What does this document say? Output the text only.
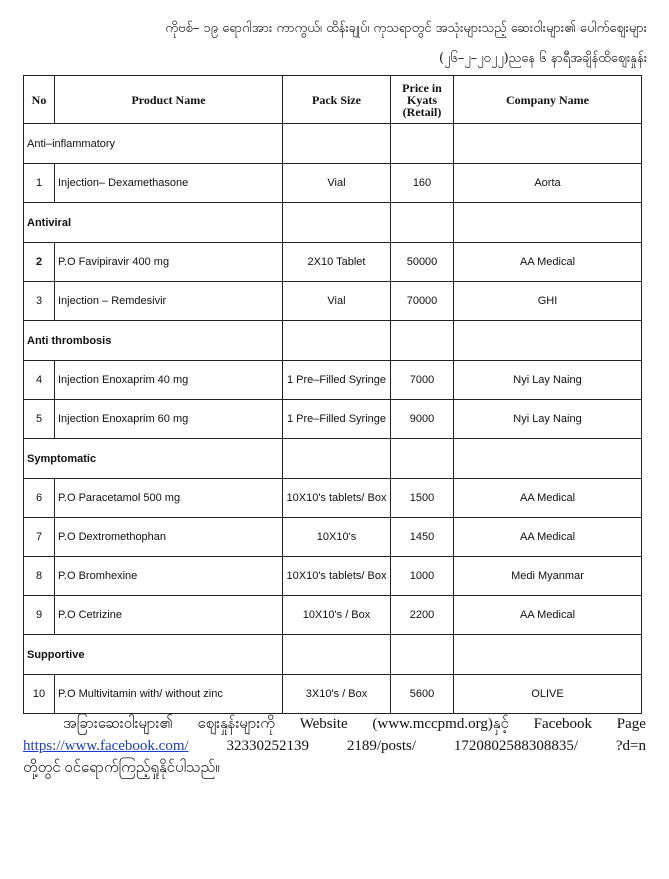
ကိုဗစ်– ၁၉ ရောဂါအား ကာကွယ်၊ ထိန်းချုပ်၊ ကုသရာတွင် အသုံးများသည့် ဆေးဝါးများ၏ ပေါက်ဈေးများ
(၂၆–၂–၂၀၂၂)ညနေ ၆ နာရီအချိန်ထိဈေးနှုန်း
No	Product Name	Pack Size	Price in Kyats (Retail)	Company Name
Anti–inflammatory				
1	Injection– Dexamethasone	Vial	160	Aorta
Antiviral				
2	P.O Favipiravir 400 mg	2X10 Tablet	50000	AA Medical
3	Injection – Remdesivir	Vial	70000	GHI
Anti thrombosis				
4	Injection Enoxaprim 40 mg	1 Pre–Filled Syringe	7000	Nyi Lay Naing
5	Injection Enoxaprim 60 mg	1 Pre–Filled Syringe	9000	Nyi Lay Naing
Symptomatic				
6	P.O Paracetamol 500 mg	10X10's tablets/ Box	1500	AA Medical
7	P.O Dextromethophan	10X10's	1450	AA Medical
8	P.O Bromhexine	10X10's tablets/ Box	1000	Medi Myanmar
9	P.O Cetrizine	10X10's / Box	2200	AA Medical
Supportive				
10	P.O Multivitamin with/ without zinc	3X10's / Box	5600	OLIVE
အခြားဆေးဝါးများ၏ ဈေးနှုန်းများကို Website (www.mccpmd.org)နှင့် Facebook Page
https://www.facebook.com/	32330252139	2189/posts/	1720802588308835/	?d=n
တို့တွင် ဝင်ရောက်ကြည့်ရှုနိုင်ပါသည်။
